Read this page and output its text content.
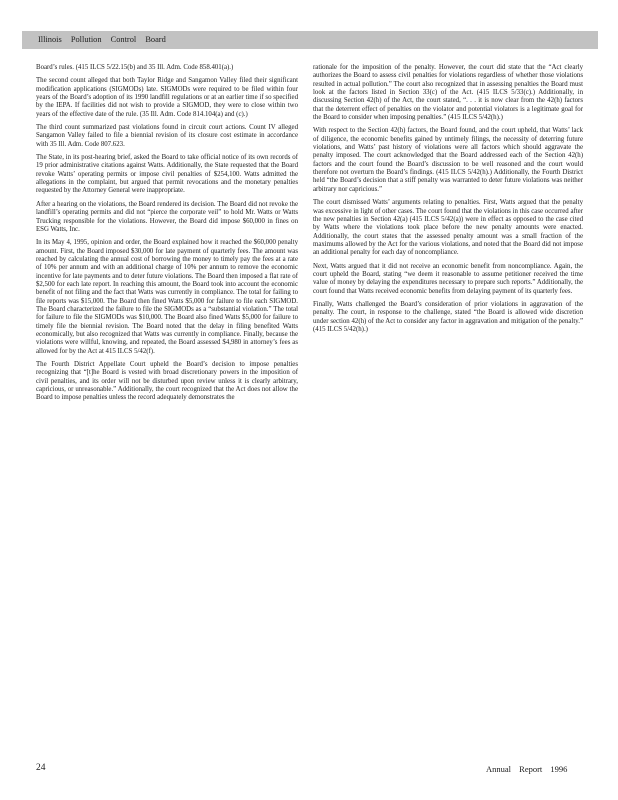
Illinois Pollution Control Board

Board’s rules. (415 ILCS 5/22.15(b) and 35 Ill. Adm. Code 858.401(a).)

The second count alleged that both Taylor Ridge and Sangamon Valley filed their significant modification applications (SIGMODs) late. SIGMODs were required to be filed within four years of the Board’s adoption of its 1990 landfill regulations or at an earlier time if so specified by the IEPA. If facilities did not wish to provide a SIGMOD, they were to close within two years of the effective date of the rule. (35 Ill. Adm. Code 814.104(a) and (c).)

The third count summarized past violations found in circuit court actions. Count IV alleged Sangamon Valley failed to file a biennial revision of its closure cost estimate in accordance with 35 Ill. Adm. Code 807.623.

The State, in its post-hearing brief, asked the Board to take official notice of its own records of 19 prior administrative citations against Watts. Additionally, the State requested that the Board revoke Watts’ operating permits or impose civil penalties of $254,100. Watts admitted the allegations in the complaint, but argued that permit revocations and the monetary penalties requested by the Attorney General were inappropriate.

After a hearing on the violations, the Board rendered its decision. The Board did not revoke the landfill’s operating permits and did not “pierce the corporate veil” to hold Mr. Watts or Watts Trucking responsible for the violations. However, the Board did impose $60,000 in fines on ESG Watts, Inc.

In its May 4, 1995, opinion and order, the Board explained how it reached the $60,000 penalty amount. First, the Board imposed $30,000 for late payment of quarterly fees. The amount was reached by calculating the annual cost of borrowing the money to timely pay the fees at a rate of 10% per annum and with an additional charge of 10% per annum to remove the economic incentive for late payments and to deter future violations. The Board then imposed a flat rate of $2,500 for each late report. In reaching this amount, the Board took into account the economic benefit of not filing and the fact that Watts was currently in compliance. The total for failing to file reports was $15,000. The Board then fined Watts $5,000 for failure to file each SIGMOD. The Board characterized the failure to file the SIGMODs as a “substantial violation.” The total for failure to file the SIGMODs was $10,000. The Board also fined Watts $5,000 for failure to timely file the biennial revision. The Board noted that the delay in filing benefited Watts economically, but also recognized that Watts was currently in compliance. Finally, because the violations were willful, knowing, and repeated, the Board assessed $4,980 in attorney’s fees as allowed for by the Act at 415 ILCS 5/42(f).

The Fourth District Appellate Court upheld the Board’s decision to impose penalties recognizing that “[t]he Board is vested with broad discretionary powers in the imposition of civil penalties, and its order will not be disturbed upon review unless it is clearly arbitrary, capricious, or unreasonable.” Additionally, the court recognized that the Act does not allow the Board to impose penalties unless the record adequately demonstrates the

rationale for the imposition of the penalty. However, the court did state that the “Act clearly authorizes the Board to assess civil penalties for violations regardless of whether those violations resulted in actual pollution.” The court also recognized that in assessing penalties the Board must look at the factors listed in Section 33(c) of the Act. (415 ILCS 5/33(c).) Additionally, in discussing Section 42(h) of the Act, the court stated, “. . . it is now clear from the 42(h) factors that the deterrent effect of penalties on the violator and potential violators is a legitimate goal for the Board to consider when imposing penalties.” (415 ILCS 5/42(h).)

With respect to the Section 42(h) factors, the Board found, and the court upheld, that Watts’ lack of diligence, the economic benefits gained by untimely filings, the necessity of deterring future violations, and Watts’ past history of violations were all factors which should aggravate the penalty imposed. The court acknowledged that the Board addressed each of the Section 42(h) factors and the court found the Board’s discussion to be well reasoned and the court would therefore not overturn the Board’s findings. (415 ILCS 5/42(h).) Additionally, the Fourth District held “the Board’s decision that a stiff penalty was warranted to deter future violations was neither arbitrary nor capricious.”

The court dismissed Watts’ arguments relating to penalties. First, Watts argued that the penalty was excessive in light of other cases. The court found that the violations in this case occurred after the new penalties in Section 42(a) (415 ILCS 5/42(a)) were in effect as opposed to the case cited by Watts where the violations took place before the new penalty amounts were enacted. Additionally, the court states that the assessed penalty amount was a small fraction of the maximums allowed by the Act for the various violations, and noted that the Board did not impose an additional penalty for each day of noncompliance.

Next, Watts argued that it did not receive an economic benefit from noncompliance. Again, the court upheld the Board, stating “we deem it reasonable to assume petitioner received the time value of money by delaying the expenditures necessary to prepare such reports.” Additionally, the court found that Watts received economic benefits from delaying payment of its quarterly fees.

Finally, Watts challenged the Board’s consideration of prior violations in aggravation of the penalty. The court, in response to the challenge, stated “the Board is allowed wide discretion under section 42(h) of the Act to consider any factor in aggravation and mitigation of the penalty.” (415 ILCS 5/42(h).)

24	Annual Report 1996
